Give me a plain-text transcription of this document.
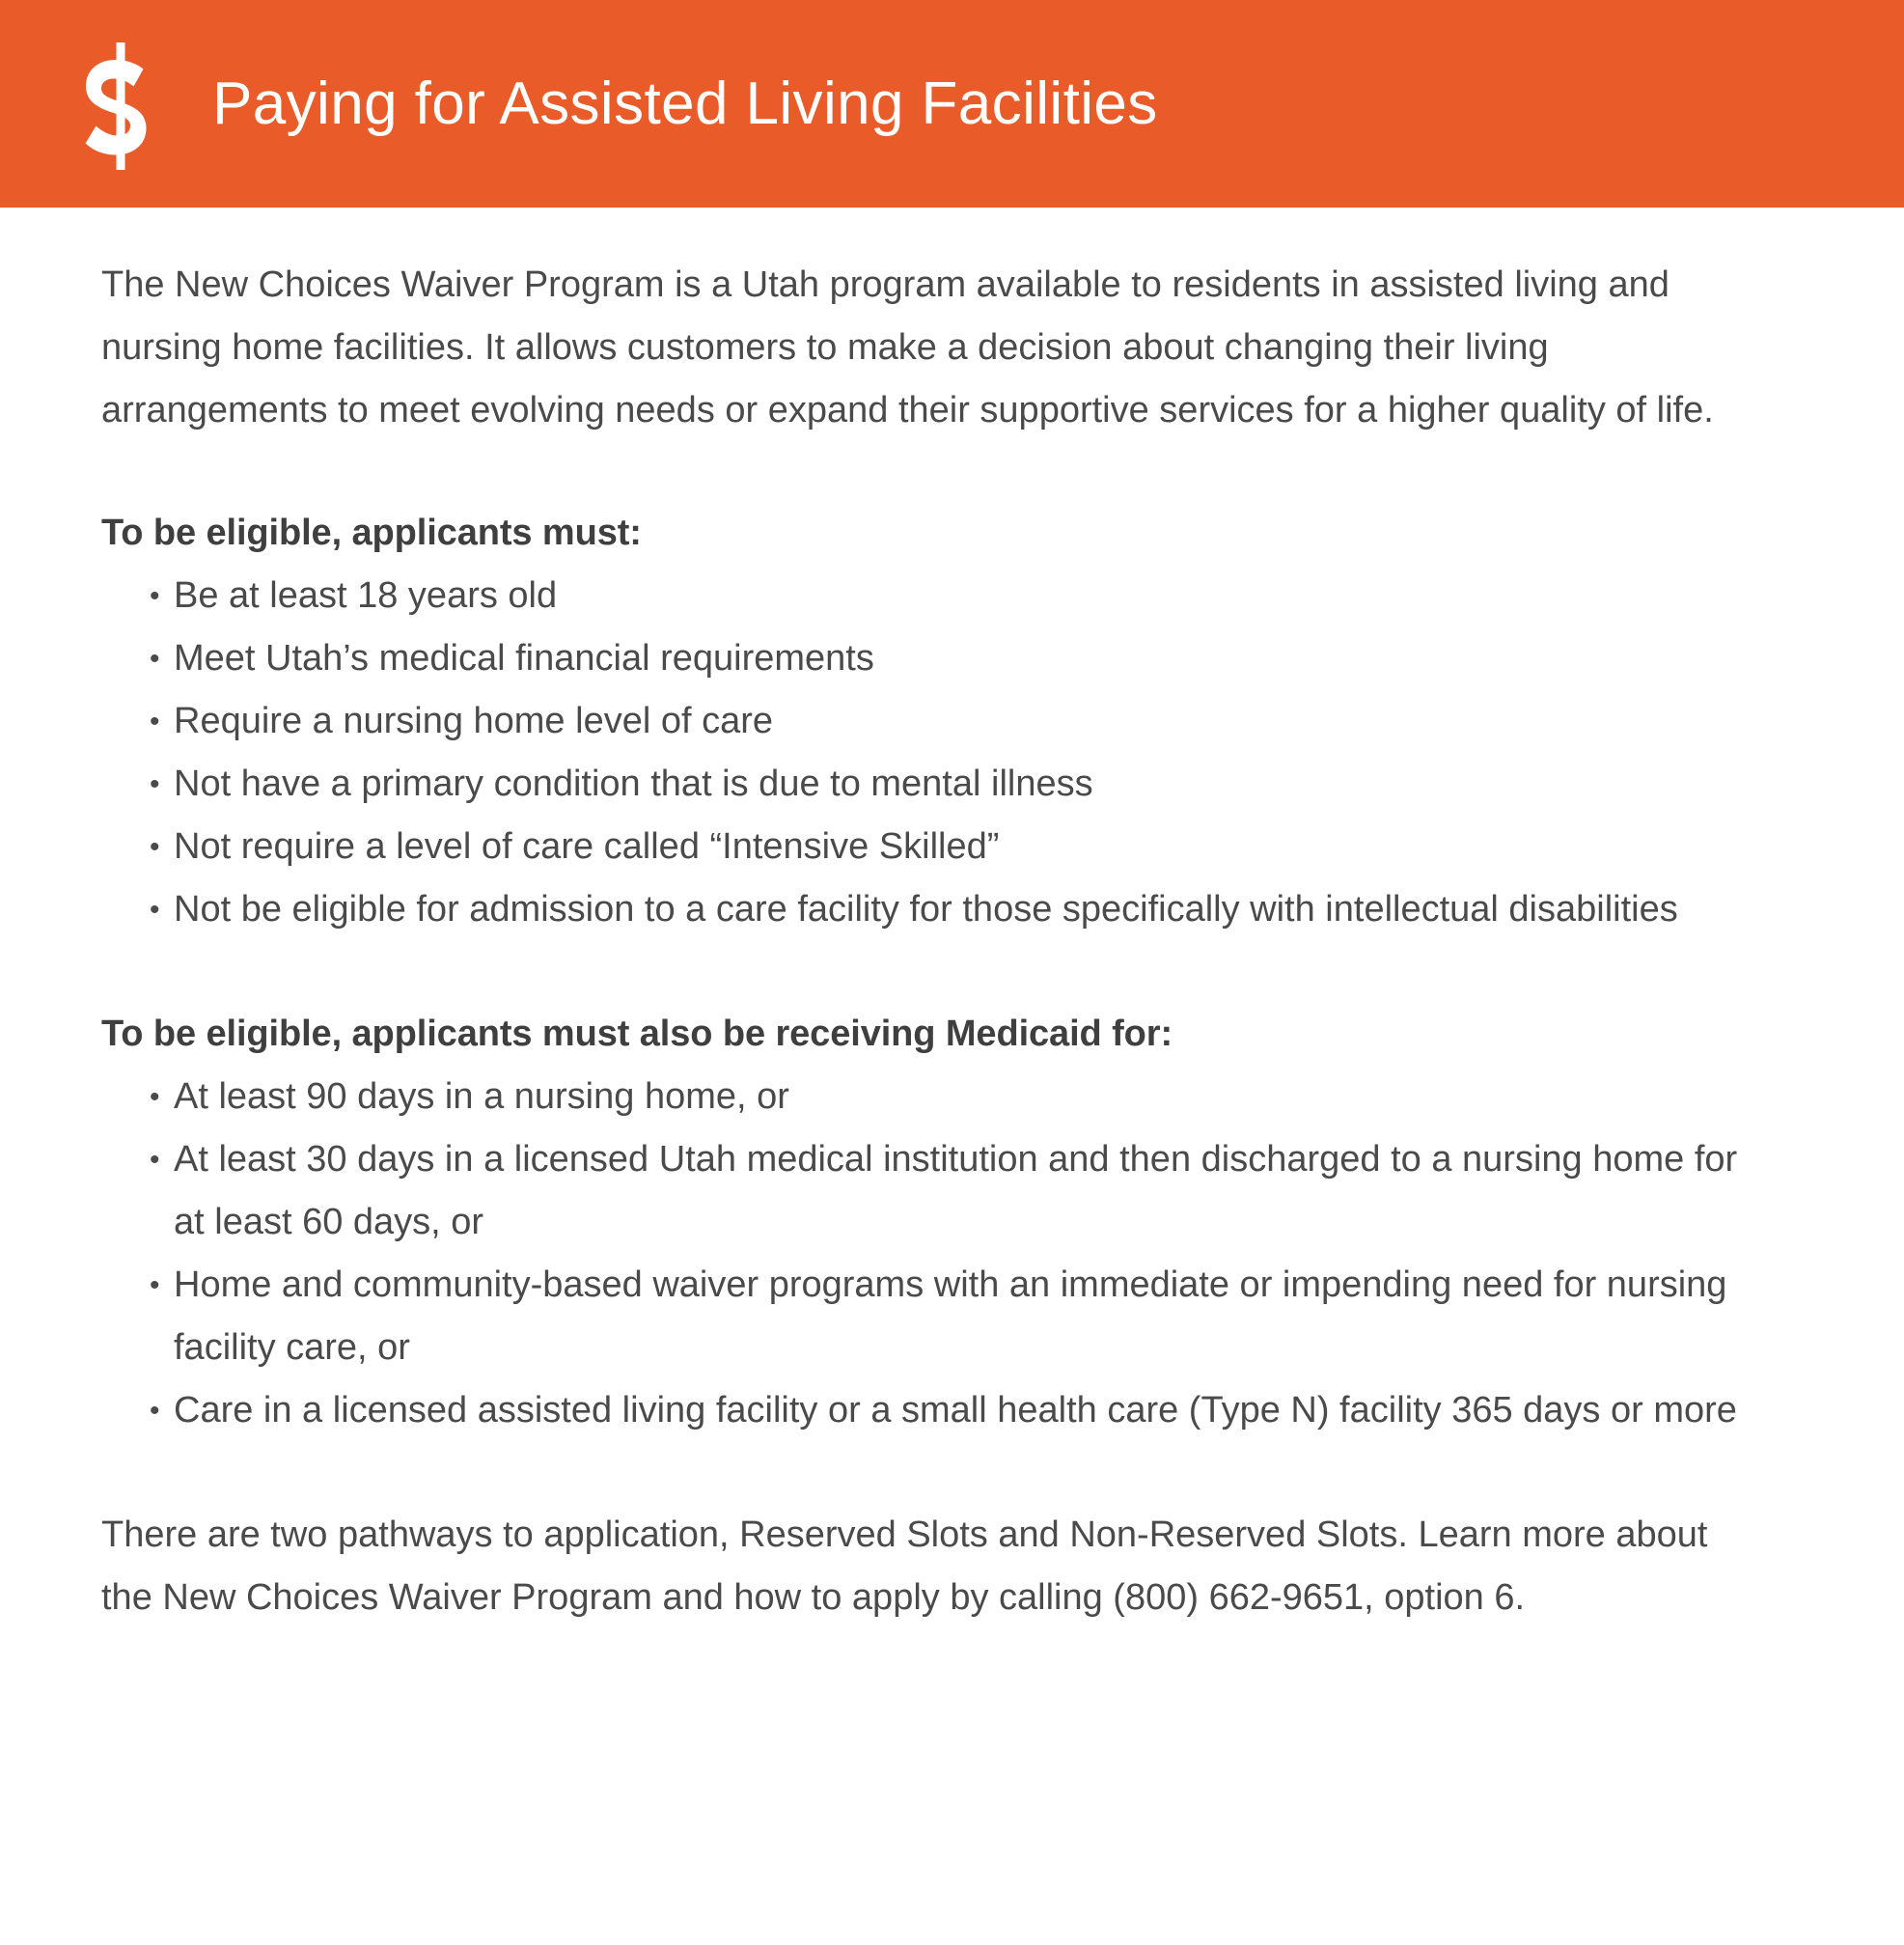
Paying for Assisted Living Facilities

The New Choices Waiver Program is a Utah program available to residents in assisted living and nursing home facilities. It allows customers to make a decision about changing their living arrangements to meet evolving needs or expand their supportive services for a higher quality of life.

To be eligible, applicants must:
• Be at least 18 years old
• Meet Utah’s medical financial requirements
• Require a nursing home level of care
• Not have a primary condition that is due to mental illness
• Not require a level of care called “Intensive Skilled”
• Not be eligible for admission to a care facility for those specifically with intellectual disabilities
To be eligible, applicants must also be receiving Medicaid for:
• At least 90 days in a nursing home, or
• At least 30 days in a licensed Utah medical institution and then discharged to a nursing home for at least 60 days, or
• Home and community-based waiver programs with an immediate or impending need for nursing facility care, or
• Care in a licensed assisted living facility or a small health care (Type N) facility 365 days or more

There are two pathways to application, Reserved Slots and Non-Reserved Slots. Learn more about the New Choices Waiver Program and how to apply by calling (800) 662-9651, option 6.
